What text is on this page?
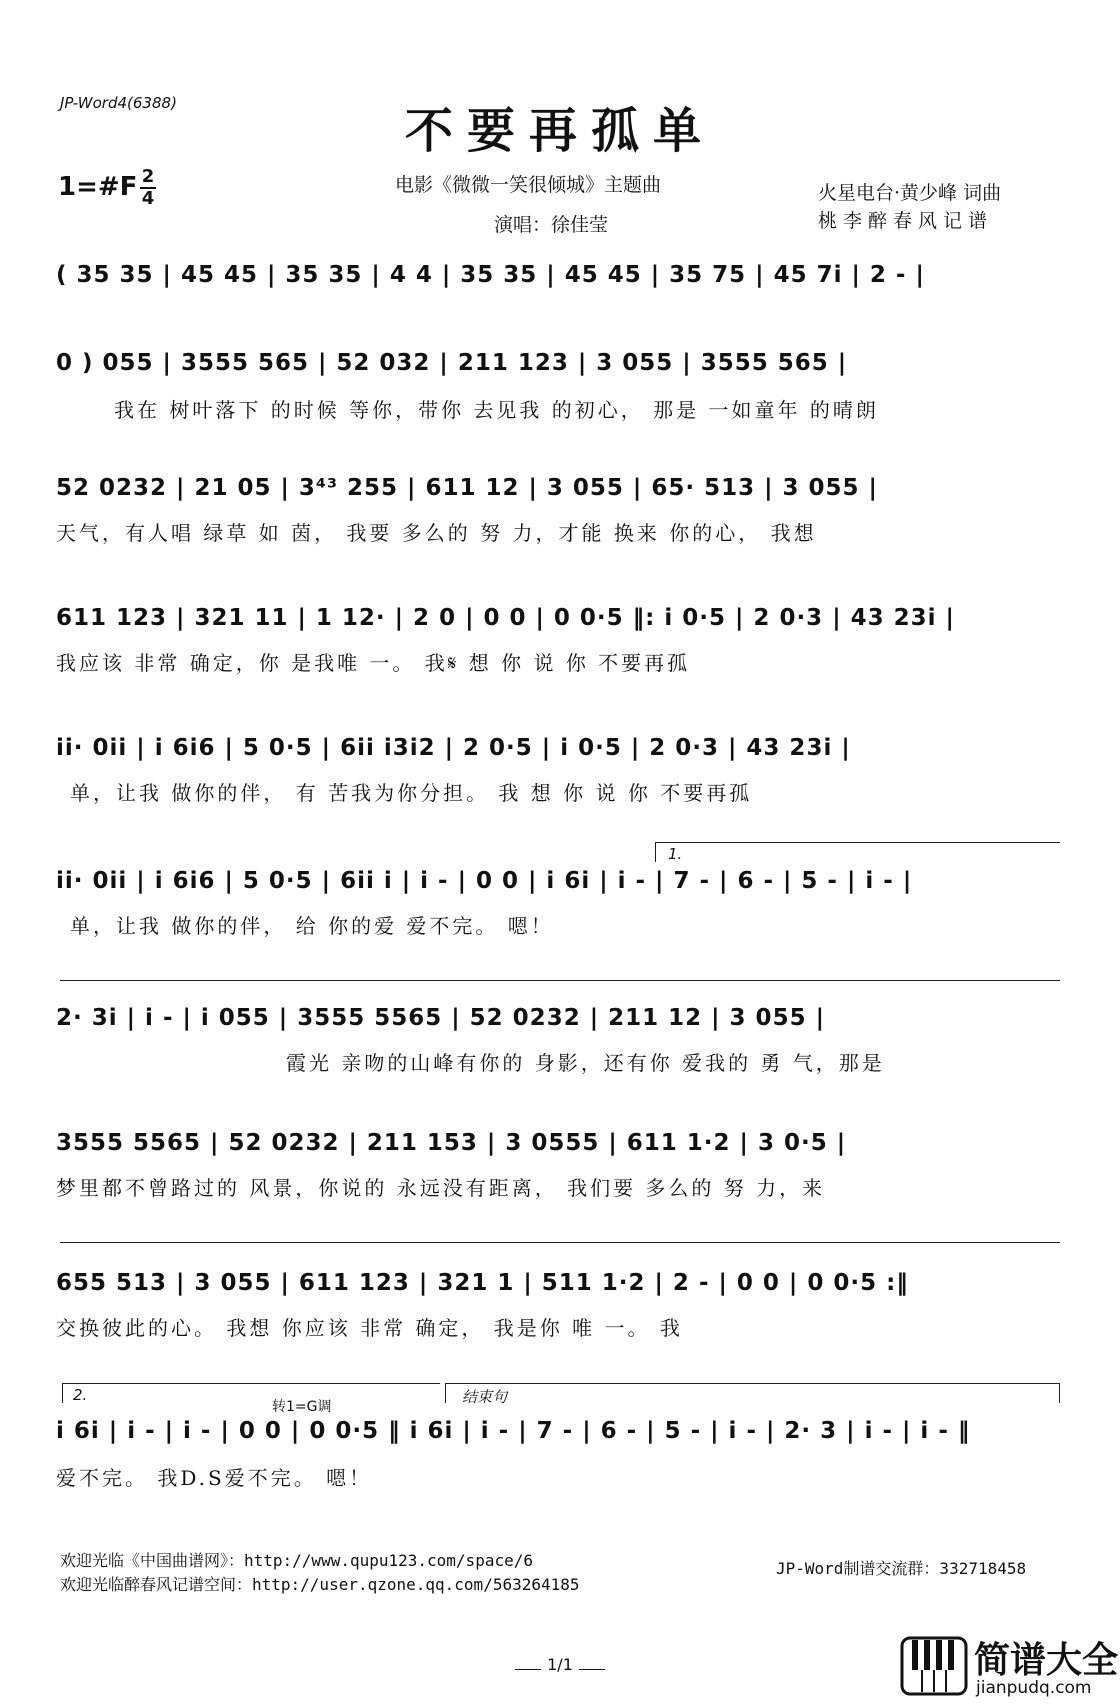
JP-Word4(6388)	不要再孤单
1=#F 2
4
电影《微微一笑很倾城》主题曲
演唱：徐佳莹
火星电台·黄少峰 词曲
桃李醉春风记谱
( 35 35 | 45 45 | 35 35 | 4 4 | 35 35 | 45 45 | 35 75 | 45 7i | 2 - |
0 ) 055 | 3555 565 | 52 032 | 211 123 | 3 055 | 3555 565 |
我在 树叶落下 的时候 等你，带你 去见我 的初心， 那是 一如童年 的晴朗
52 0232 | 21 05 | 3⁴³ 255 | 611 12 | 3 055 | 65· 513 | 3 055 |
天气，有人唱 绿草 如 茵， 我要 多么的 努 力，才能 换来 你的心， 我想
611 123 | 321 11 | 1 12· | 2 0 | 0 0 | 0 0·5 ‖: i 0·5 | 2 0·3 | 43 23i |
我应该 非常 确定，你 是我唯 一。 我𝄋 想 你 说 你 不要再孤
ii· 0ii | i 6i6 | 5 0·5 | 6ii i3i2 | 2 0·5 | i 0·5 | 2 0·3 | 43 23i |
单，让我 做你的伴， 有 苦我为你分担。 我 想 你 说 你 不要再孤
1.
ii· 0ii | i 6i6 | 5 0·5 | 6ii i | i - | 0 0 | i 6i | i - | 7 - | 6 - | 5 - | i - |
单，让我 做你的伴， 给 你的爱 爱不完。 嗯！
2· 3i | i - | i 055 | 3555 5565 | 52 0232 | 211 12 | 3 055 |
霞光 亲吻的山峰有你的 身影，还有你 爱我的 勇 气，那是
3555 5565 | 52 0232 | 211 153 | 3 0555 | 611 1·2 | 3 0·5 |
梦里都不曾路过的 风景，你说的 永远没有距离， 我们要 多么的 努 力，来
655 513 | 3 055 | 611 123 | 321 1 | 511 1·2 | 2 - | 0 0 | 0 0·5 :‖
交换彼此的心。 我想 你应该 非常 确定， 我是你 唯 一。 我
2.	结束句
转1=G调
i 6i | i - | i - | 0 0 | 0 0·5 ‖ i 6i | i - | 7 - | 6 - | 5 - | i - | 2· 3 | i - | i - ‖
爱不完。 我D.S爱不完。 嗯！
欢迎光临《中国曲谱网》：http://www.qupu123.com/space/6
欢迎光临醉春风记谱空间：http://user.qzone.qq.com/563264185
JP-Word制谱交流群：332718458
1/1	简谱大全
jianpudq.com
